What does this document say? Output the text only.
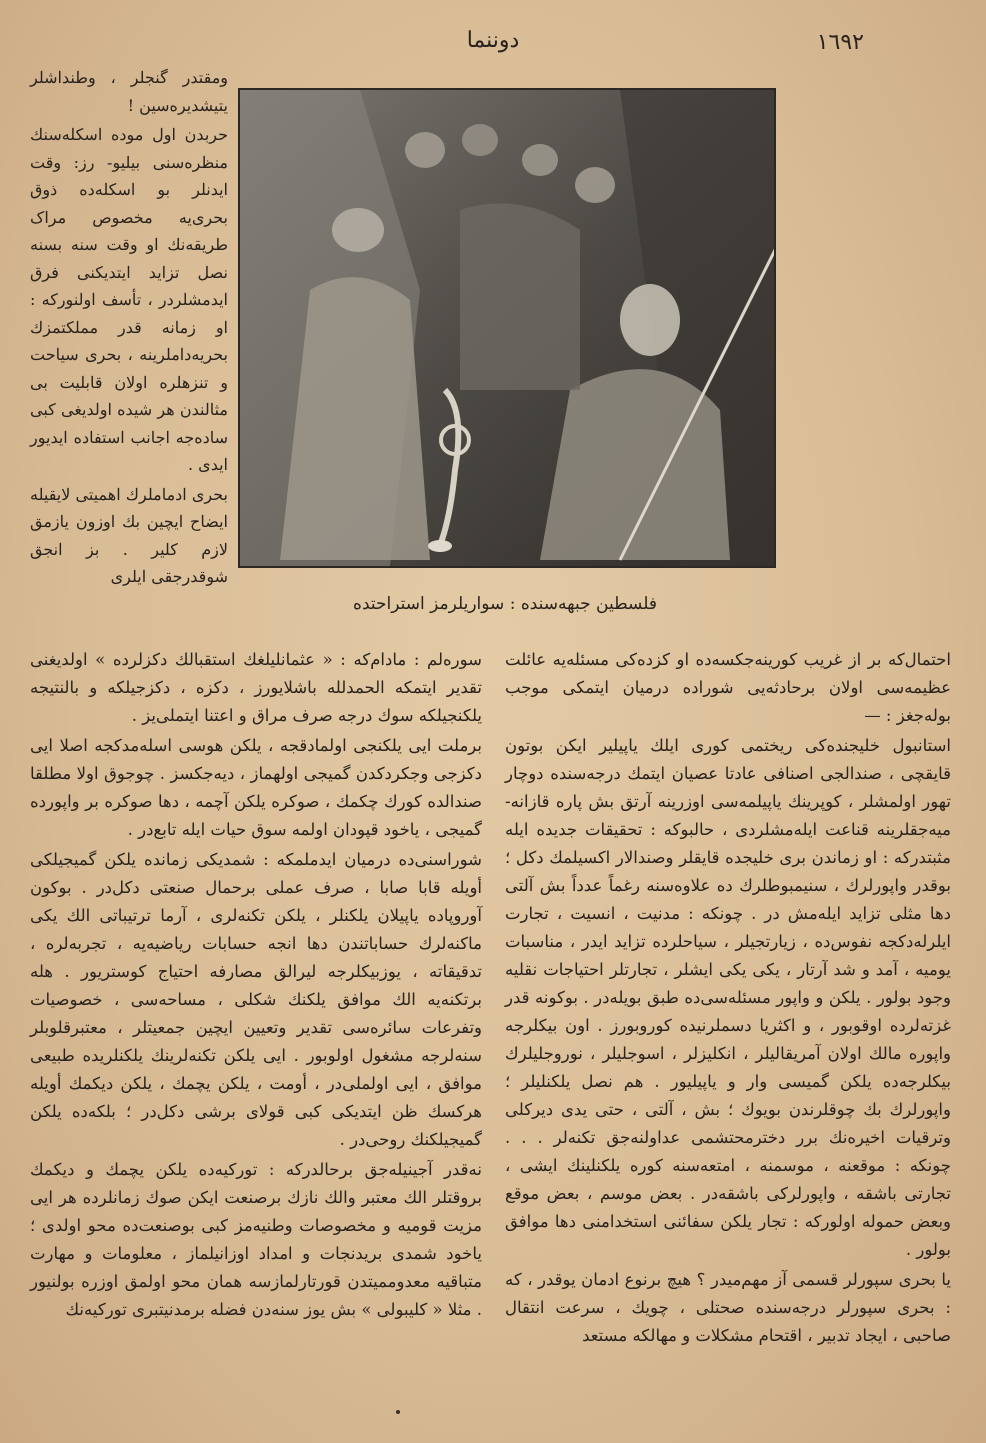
دوننما	١٦٩٢
فلسطین جبهه‌سنده : سواریلرمز استراحتده

ومقتدر گنجلر ، وطنداشلر یتیشدیره‌سین !

حربدن اول موده اسکله‌سنك منظره‌سنی بیلیو- رز: وقت ایدنلر بو اسکله‌ده ذوق بحری‌یه مخصوص مراک طریقه‌نك او وقت سنه بسنه نصل تزاید ایتدیکنی فرق ایدمشلردر ، تأسف اولنورکه : او زمانه قدر مملکتمزك بحریه‌داملرینه ، بحری سیاحت و تنزهلره اولان قابلیت بی مثالندن هر شیده اولدیغی کبی ساده‌جه اجانب استفاده ایدیور ایدی .

بحری ادماملرك اهمیتی لایقیله ایضاح ایچین بك اوزون یازمق لازم کلیر . بز انجق شوقدرجقی ایلری

احتمال‌که‌ بر از غریب کورینه‌جکسه‌ده او کزده‌کی مسئله‌یه عائلت عظیمه‌سی اولان برحادثه‌یی شورا‌ده درمیان ایتمکی موجب بوله‌جغز : —

استانبول خلیجنده‌کی ریختمی کوری ایلك یاپیلیر ایکن بوتون قایقچی ، صندالجی اصنافی عادتا عصیان ایتمك درجه‌سنده دوچار تهور اولمشلر ، کوپرینك یاپیلمه‌سی اوزرینه آرتق بش پاره قازانه- میه‌جقلرینه قناعت ایله‌مشلردی ، حالبوکه : تحقیقات جدیده ایله مثبتدرکه : او زماندن بری خلیجده قایقلر وصندالار اکسیلمك دکل ؛ بوقدر واپورلرك ، سنیمبوطلرك ده علاوه‌سنه رغماً عدداً بش آلتی دها مثلی تزاید ایله‌مش در . چونکه : مدنیت ، انسیت ، تجارت ایلرله‌دکجه نفوس‌ده ، زیارتجیلر ، سیاحلرده تزاید ایدر ، مناسبات یومیه ، آمد و شد آرتار ، یکی یکی ایشلر ، تجارتلر احتیاجات نقلیه وجود بولور . یلکن و واپور مسئله‌سی‌ده طبق بویله‌در . بوکونه قدر غزته‌لرده اوقوبور ، و اکثریا دسملرنیده کوروبورز . اون بیکلرجه واپوره مالك اولان آمریقالیلر ، انکلیزلر ، اسوجلیلر ، نوروجلیلرك بیکلرجه‌ده یلکن گمیسی وار و یاپیلیور . هم نصل یلکنلیلر ؛ واپورلرك بك چوقلرندن بویوك ؛ بش ، آلتی ، حتی یدی دیرکلی وترقیات اخیره‌نك برر دخترمحتشمی عداولنه‌جق تکنه‌لر . . . چونکه : موقعنه ، موسمنه ، امتعه‌سنه کوره یلکنلینك ایشی ، تجارتی باشقه ، واپورلرکی باشقه‌در . بعض موسم ، بعض موقع وبعض حموله اولورکه : تجار یلکن سفائنی استخدامنی دها موافق بولور .

یا بحری سپورلر قسمی آز مهم‌میدر ؟ هیچ برنوع ادمان یوقدر ، که : بحری سپورلر درجه‌سنده صحتلی ، چویك ، سرعت انتقال صاحبی ، ایجاد تدبیر ، اقتحام مشکلات و مهالکه مستعد

سوره‌لم : مادام‌که : « عثمانلیلغك استقبالك دکزلرده » اولدیغنی تقدیر ایتمکه الحمدلله باشلایورز ، دکزه ، دکزجیلکه و بالنتیجه یلکنجیلکه سوك درجه صرف مراق و اعتنا ایتملی‌یز .

برملت ایی یلکنجی اولمادقجه ، یلکن هوسی اسله‌مدکجه اصلا ایی دکزجی وجکردکدن گمیجی اولهماز ، دیه‌جکسز . چوجوق اولا مطلقا صندالده کورك چکمك ، صوکره یلکن آچمه ، دها صوکره بر واپورده گمیجی ، یاخود قپودان اولمه سوق حیات ایله تابع‌در .

شوراسنی‌ده درمیان ایدملمکه : شمدیکی زمانده یلکن گمیجیلکی أویله قابا صابا ، صرف عملی برحمال صنعتی دکل‌در . بوکون آوروپاده یاپیلان یلکنلر ، یلکن تکنه‌لری ، آرما ترتیباتی الك یکی ماکنه‌لرك حساباتندن دها انجه حسابات ریاضیه‌یه ، تجربه‌لره ، تدقیقاته ، یوزبیکلرجه لیرالق مصارفه احتیاج کوستریور . هله برتکنه‌یه الك موافق یلکنك شکلی ، مساحه‌سی ، خصوصیات وتفرعات سائره‌سی تقدیر وتعیین ایچین جمعیتلر ، معتبرقلوبلر سنه‌لرجه مشغول اولوبور . ایی یلکن تکنه‌لرینك یلکنلریده طبیعی موافق ، ایی اولملی‌در ، أومت ، یلکن یچمك ، یلکن دیکمك أویله هرکسك ظن ایتدیکی کبی قولای برشی دکل‌در ؛ بلکه‌ده یلکن گمیجیلکنك روحی‌در .

نه‌قدر آجینیله‌جق برحالدرکه : تورکیه‌ده یلکن یچمك و دیکمك بروقتلر الك معتبر والك نازك برصنعت ایکن صوك زمانلرده هر ایی مزیت قومیه و مخصوصات وطنیه‌مز کبی بوصنعت‌ده محو اولدی ؛ یاخود شمدی بریدنجات و امداد اوزانیلماز ، معلومات و مهارت متباقیه معدوممیتدن قورتارلمازسه همان محو اولمق اوزره بولنیور . مثلا « کلیبولی » بش یوز سنه‌دن فضله برمدنیتبری تورکیه‌نك
